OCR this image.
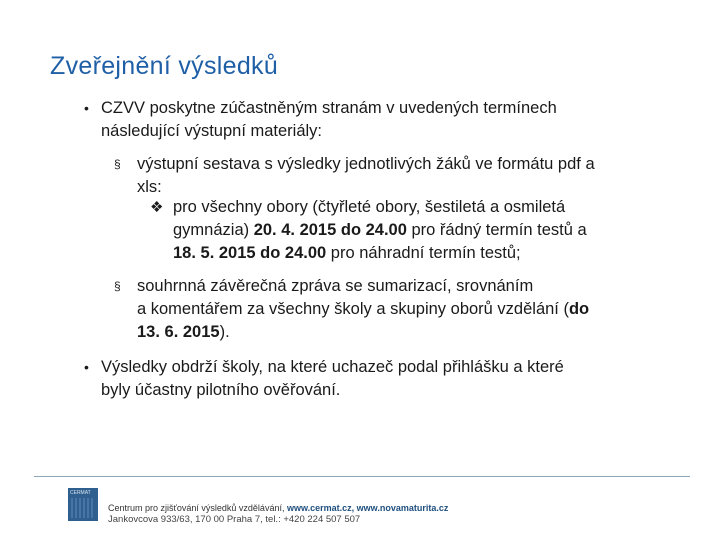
Zveřejnění výsledků
• CZVV poskytne zúčastněným stranám v uvedených termínech
následující výstupní materiály:
§ výstupní sestava s výsledky jednotlivých žáků ve formátu pdf a
xls:
❖ pro všechny obory (čtyřleté obory, šestiletá a osmiletá
gymnázia) 20. 4. 2015 do 24.00 pro řádný termín testů a
18. 5. 2015 do 24.00 pro náhradní termín testů;
§ souhrnná závěrečná zpráva se sumarizací, srovnáním
a komentářem za všechny školy a skupiny oborů vzdělání (do
13. 6. 2015).
• Výsledky obdrží školy, na které uchazeč podal přihlášku a které
byly účastny pilotního ověřování.
CERMAT
Centrum pro zjišťování výsledků vzdělávání, www.cermat.cz, www.novamaturita.cz
Jankovcova 933/63, 170 00 Praha 7, tel.: +420 224 507 507
